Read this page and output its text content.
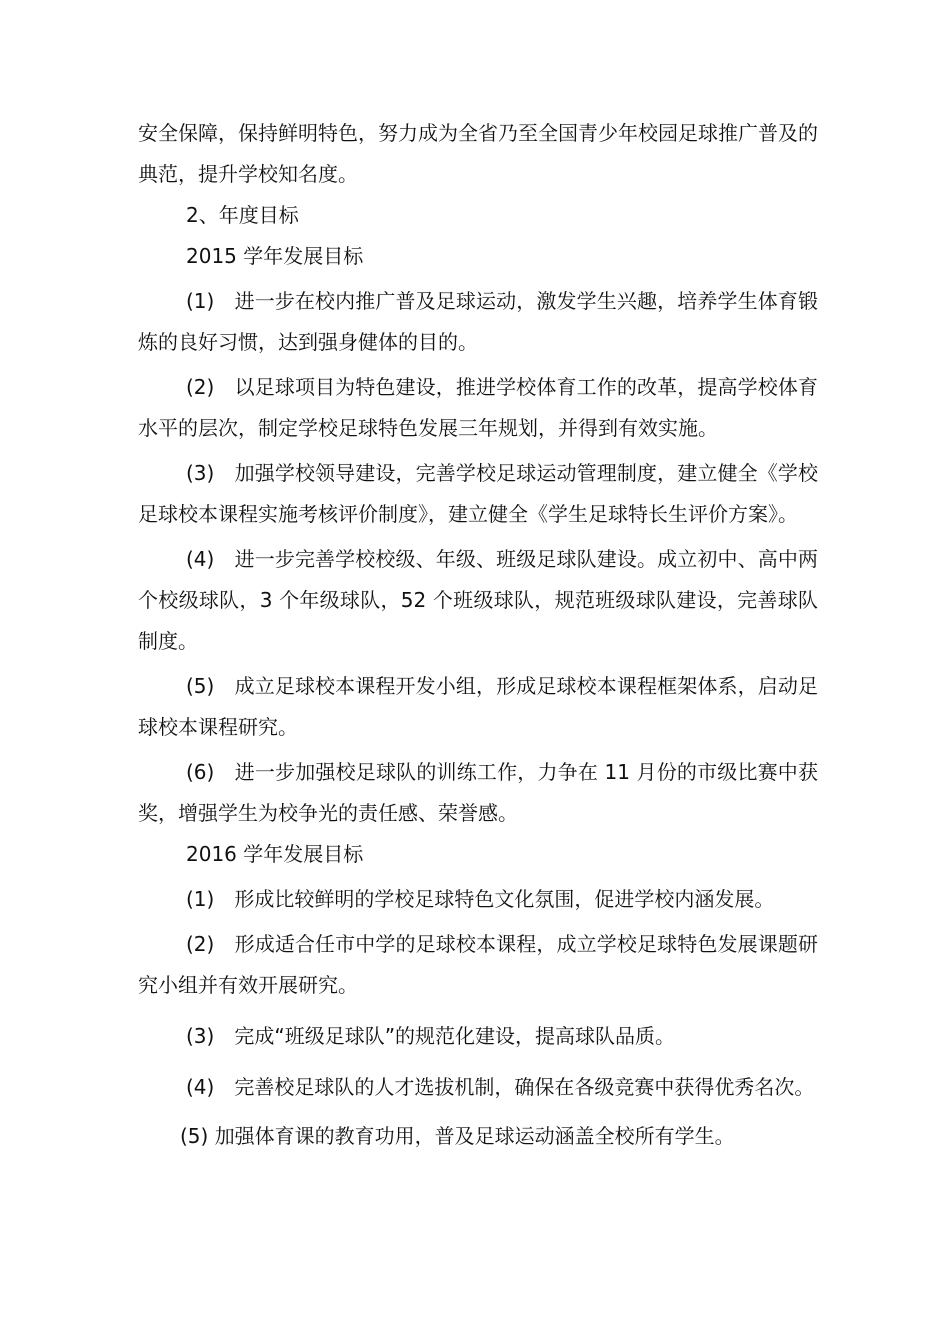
安全保障，保持鲜明特色，努力成为全省乃至全国青少年校园足球推广普及的典范，提升学校知名度。

2、年度目标

2015 学年发展目标

(1)　进一步在校内推广普及足球运动，激发学生兴趣，培养学生体育锻炼的良好习惯，达到强身健体的目的。

(2)　以足球项目为特色建设，推进学校体育工作的改革，提高学校体育水平的层次，制定学校足球特色发展三年规划，并得到有效实施。

(3)　加强学校领导建设，完善学校足球运动管理制度，建立健全《学校足球校本课程实施考核评价制度》，建立健全《学生足球特长生评价方案》。

(4)　进一步完善学校校级、年级、班级足球队建设。成立初中、高中两个校级球队，3 个年级球队，52 个班级球队，规范班级球队建设，完善球队制度。

(5)　成立足球校本课程开发小组，形成足球校本课程框架体系，启动足球校本课程研究。

(6)　进一步加强校足球队的训练工作，力争在 11 月份的市级比赛中获奖，增强学生为校争光的责任感、荣誉感。

2016 学年发展目标

(1)　形成比较鲜明的学校足球特色文化氛围，促进学校内涵发展。

(2)　形成适合任市中学的足球校本课程，成立学校足球特色发展课题研究小组并有效开展研究。

(3)　完成“班级足球队”的规范化建设，提高球队品质。

(4)　完善校足球队的人才选拔机制，确保在各级竞赛中获得优秀名次。

(5) 加强体育课的教育功用，普及足球运动涵盖全校所有学生。
